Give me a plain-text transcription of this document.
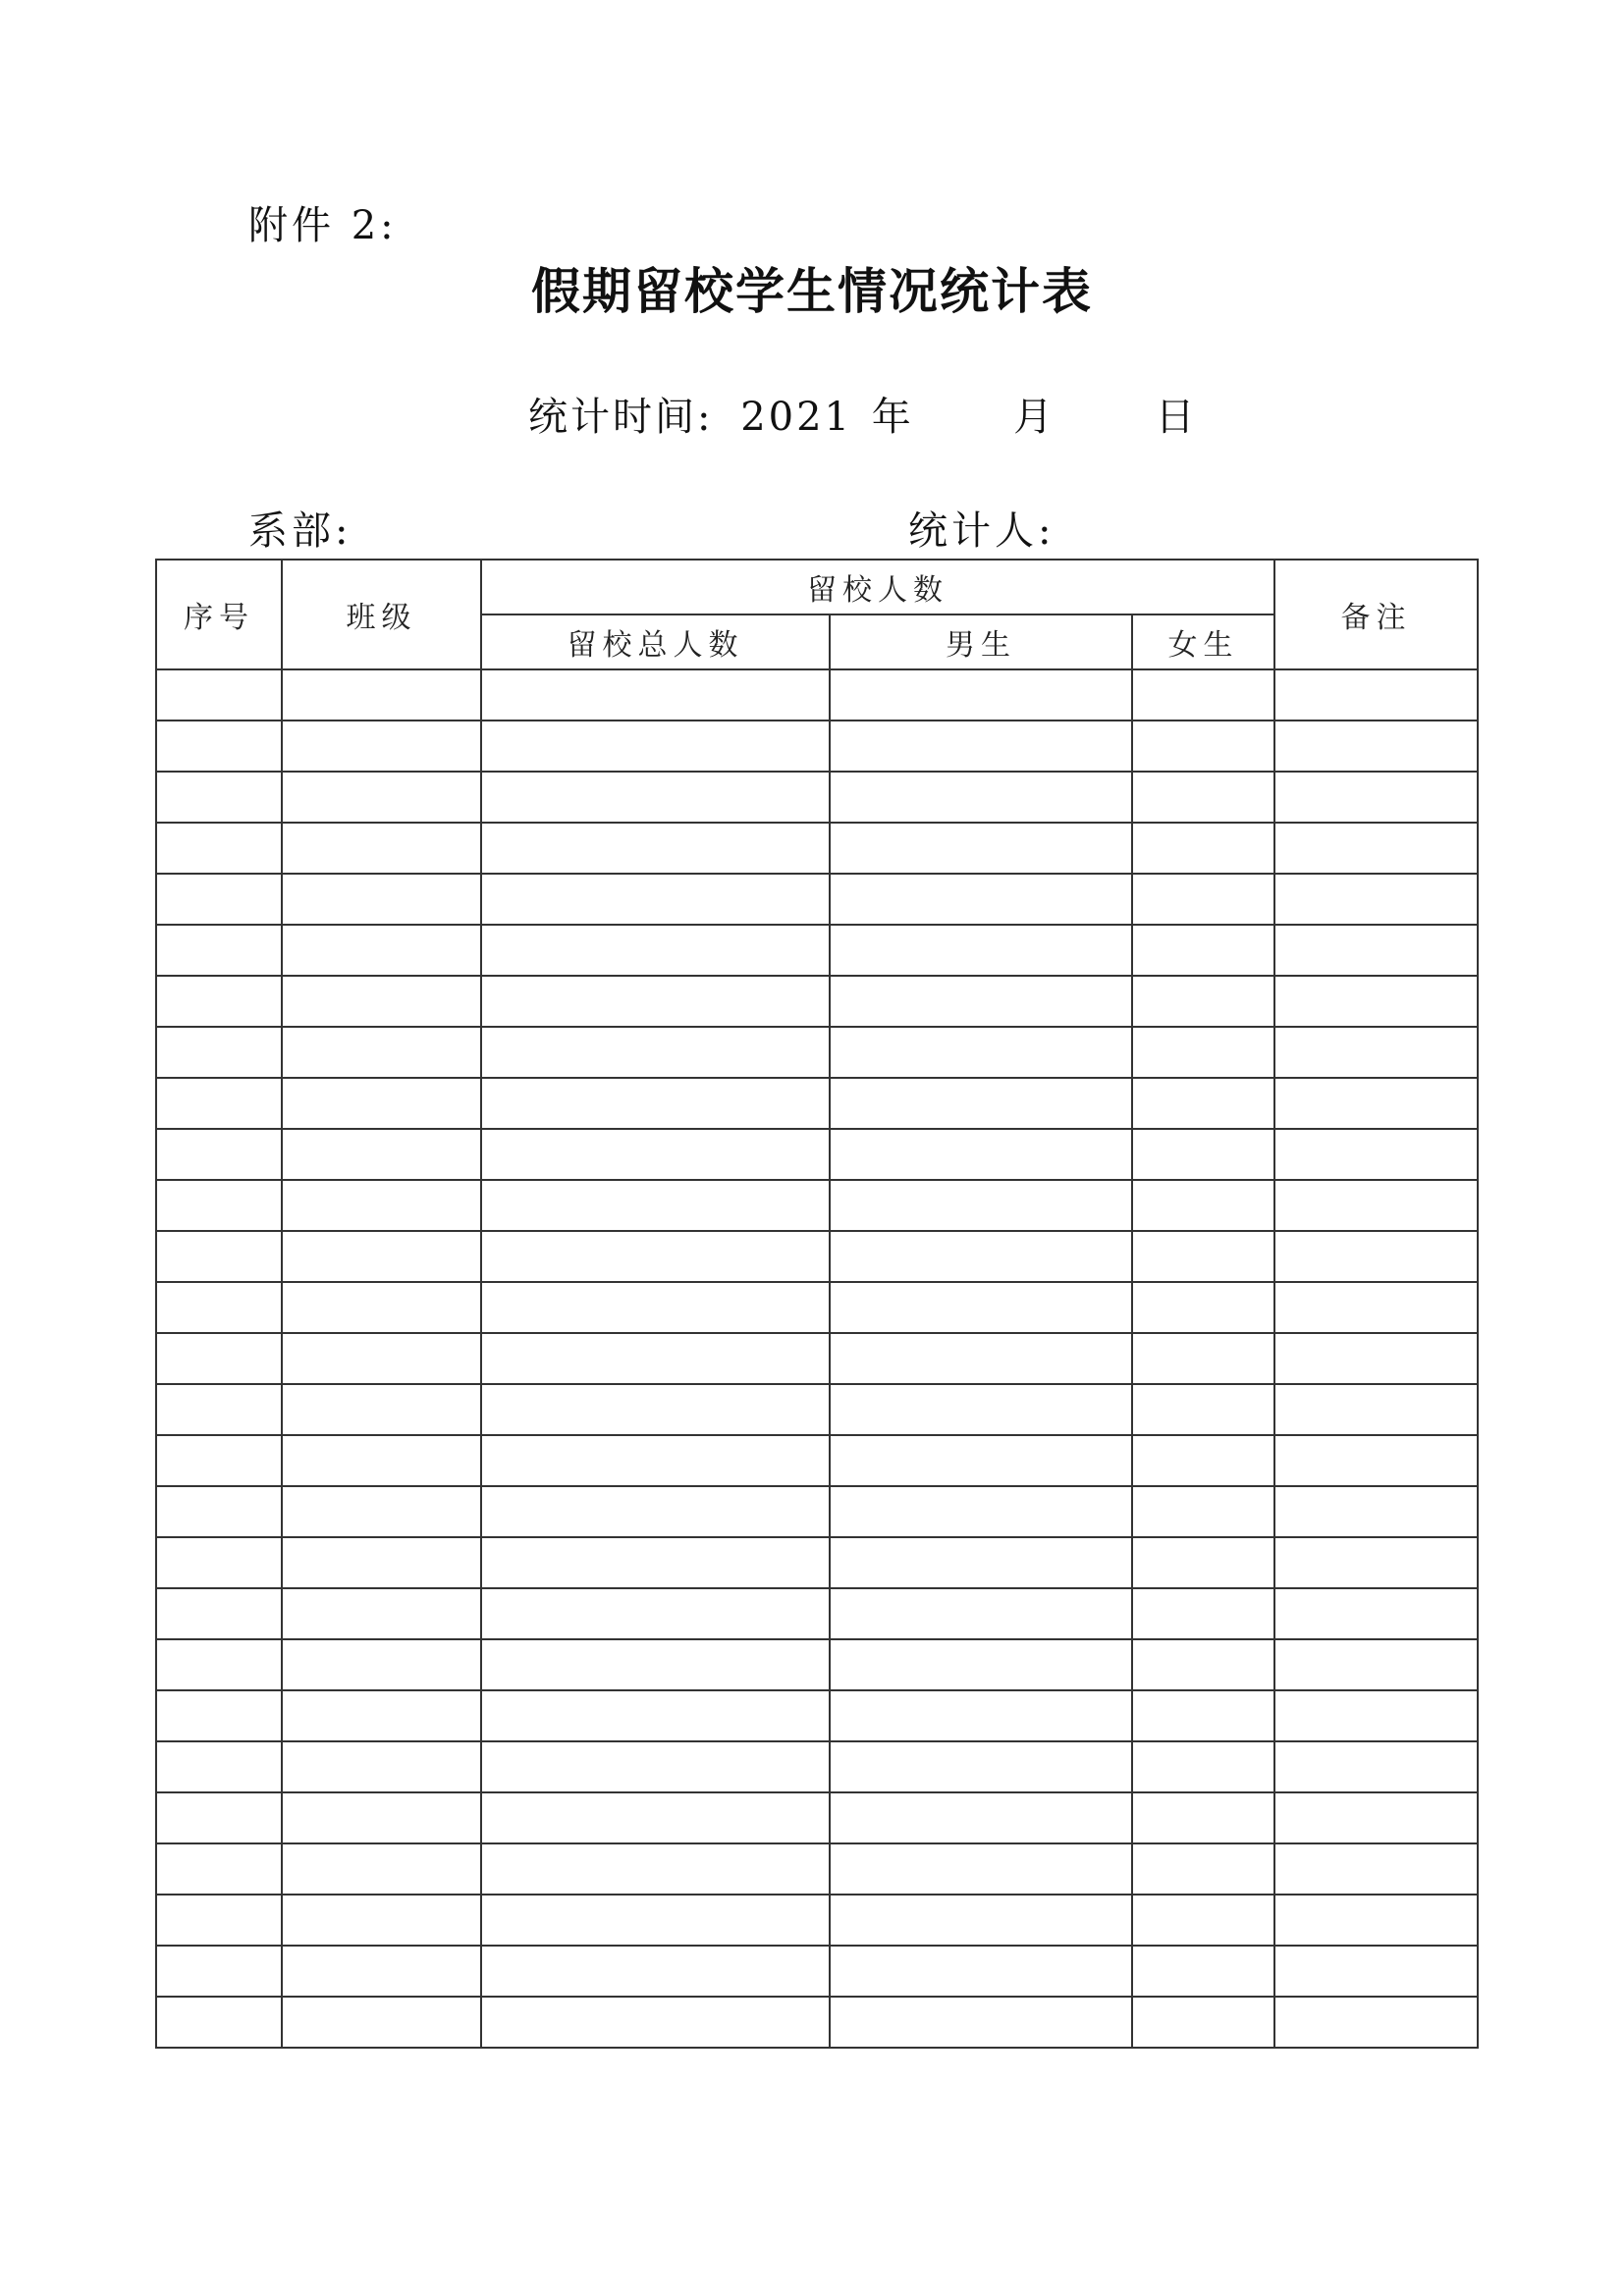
附件 2:
假期留校学生情况统计表
统计时间: 2021 年	月	日
系部:	统计人:
序号	班级	留校人数			备注
		留校总人数	男生	女生	
